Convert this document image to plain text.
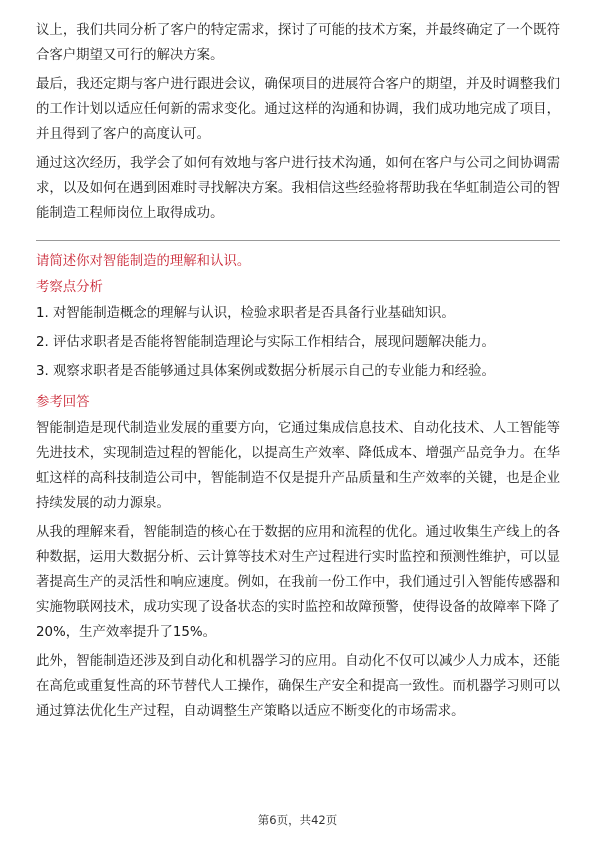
议上，我们共同分析了客户的特定需求，探讨了可能的技术方案，并最终确定了一个既符合客户期望又可行的解决方案。

最后，我还定期与客户进行跟进会议，确保项目的进展符合客户的期望，并及时调整我们的工作计划以适应任何新的需求变化。通过这样的沟通和协调，我们成功地完成了项目，并且得到了客户的高度认可。

通过这次经历，我学会了如何有效地与客户进行技术沟通，如何在客户与公司之间协调需求，以及如何在遇到困难时寻找解决方案。我相信这些经验将帮助我在华虹制造公司的智能制造工程师岗位上取得成功。

请简述你对智能制造的理解和认识。

考察点分析

1. 对智能制造概念的理解与认识，检验求职者是否具备行业基础知识。

2. 评估求职者是否能将智能制造理论与实际工作相结合，展现问题解决能力。

3. 观察求职者是否能够通过具体案例或数据分析展示自己的专业能力和经验。

参考回答

智能制造是现代制造业发展的重要方向，它通过集成信息技术、自动化技术、人工智能等先进技术，实现制造过程的智能化，以提高生产效率、降低成本、增强产品竞争力。在华虹这样的高科技制造公司中，智能制造不仅是提升产品质量和生产效率的关键，也是企业持续发展的动力源泉。

从我的理解来看，智能制造的核心在于数据的应用和流程的优化。通过收集生产线上的各种数据，运用大数据分析、云计算等技术对生产过程进行实时监控和预测性维护，可以显著提高生产的灵活性和响应速度。例如，在我前一份工作中，我们通过引入智能传感器和实施物联网技术，成功实现了设备状态的实时监控和故障预警，使得设备的故障率下降了20%，生产效率提升了15%。

此外，智能制造还涉及到自动化和机器学习的应用。自动化不仅可以减少人力成本，还能在高危或重复性高的环节替代人工操作，确保生产安全和提高一致性。而机器学习则可以通过算法优化生产过程，自动调整生产策略以适应不断变化的市场需求。

第6页，共42页
